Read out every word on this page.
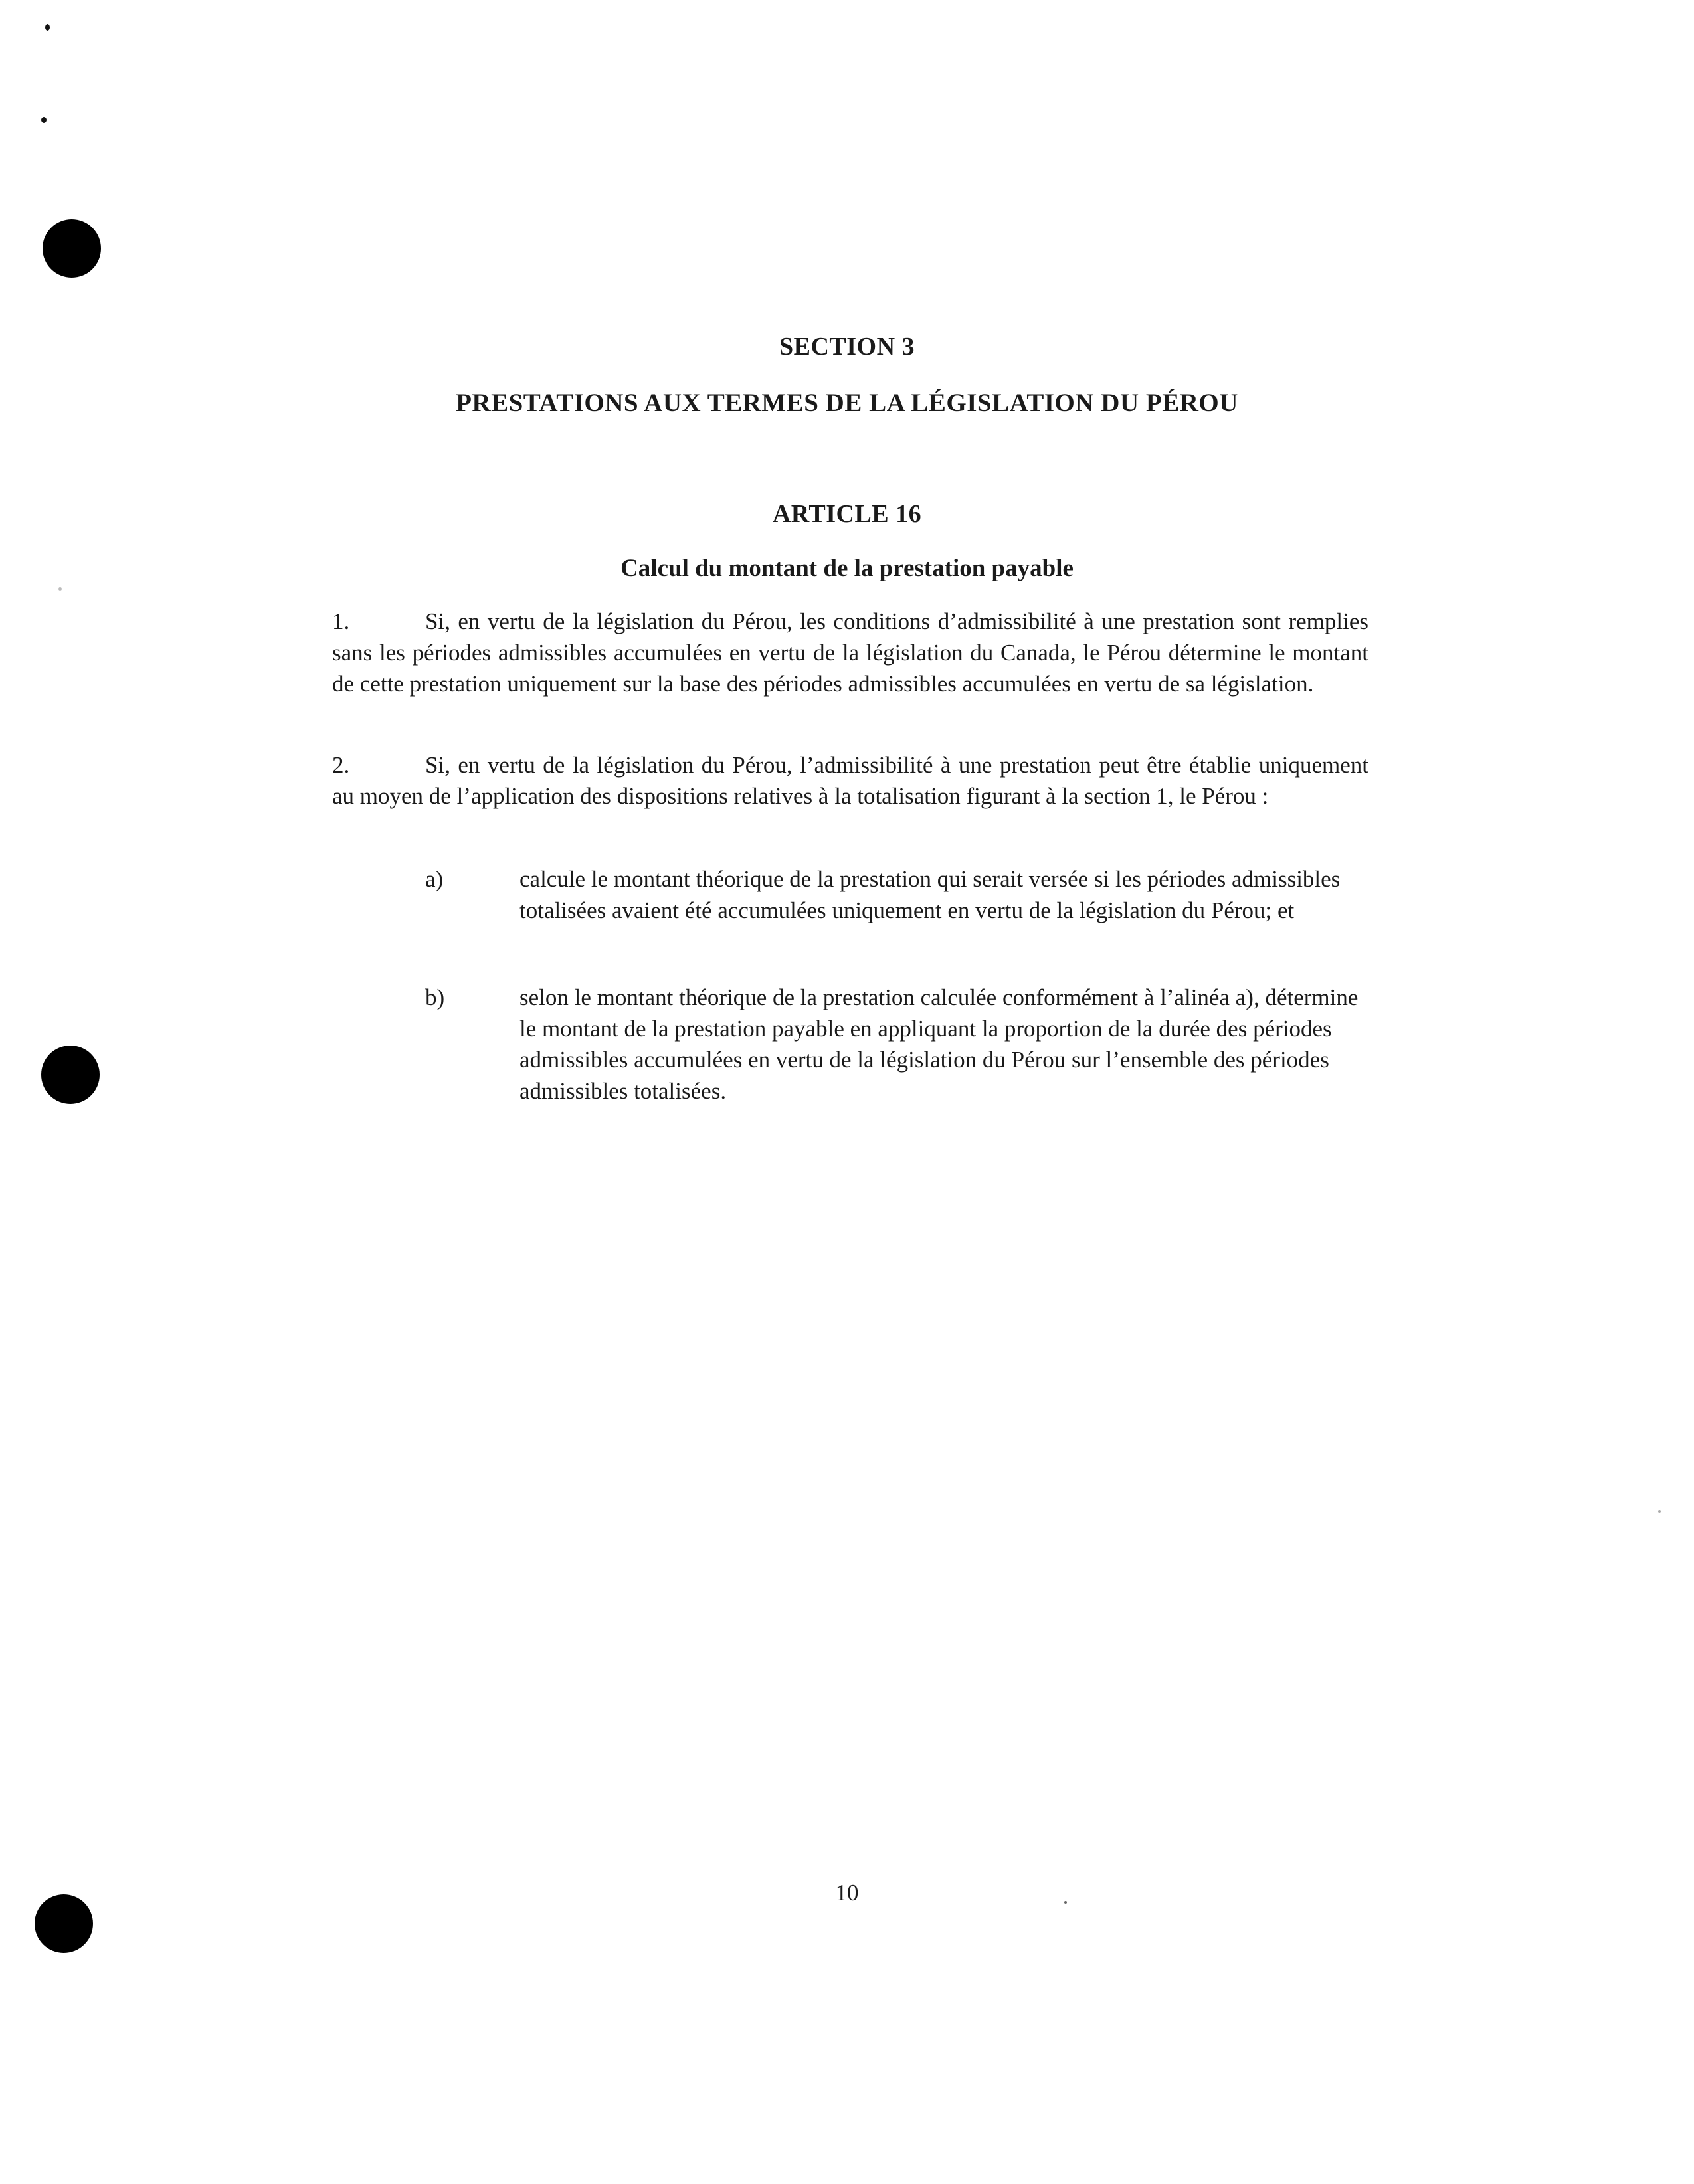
SECTION 3
PRESTATIONS AUX TERMES DE LA LÉGISLATION DU PÉROU
ARTICLE 16
Calcul du montant de la prestation payable
1.	Si, en vertu de la législation du Pérou, les conditions d’admissibilité à une prestation sont remplies sans les périodes admissibles accumulées en vertu de la législation du Canada, le Pérou détermine le montant de cette prestation uniquement sur la base des périodes admissibles accumulées en vertu de sa législation.
2.	Si, en vertu de la législation du Pérou, l’admissibilité à une prestation peut être établie uniquement au moyen de l’application des dispositions relatives à la totalisation figurant à la section 1, le Pérou :
a)	calcule le montant théorique de la prestation qui serait versée si les périodes admissibles totalisées avaient été accumulées uniquement en vertu de la législation du Pérou; et
b)	selon le montant théorique de la prestation calculée conformément à l’alinéa a), détermine le montant de la prestation payable en appliquant la proportion de la durée des périodes admissibles accumulées en vertu de la législation du Pérou sur l’ensemble des périodes admissibles totalisées.
10
